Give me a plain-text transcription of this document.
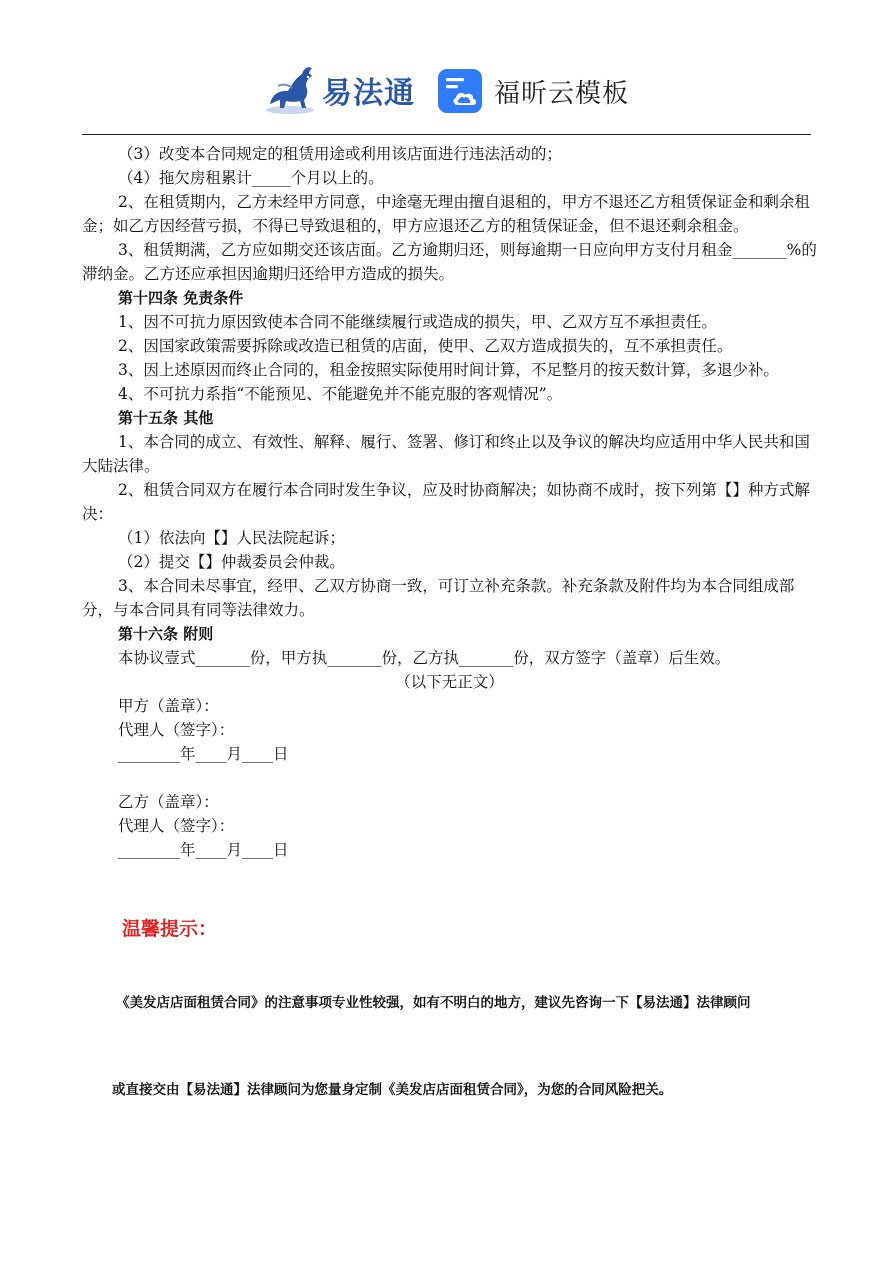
易法通	福昕云模板

（3）改变本合同规定的租赁用途或利用该店面进行违法活动的；

（4）拖欠房租累计_____个月以上的。

2、在租赁期内，乙方未经甲方同意，中途毫无理由擅自退租的，甲方不退还乙方租赁保证金和剩余租金；如乙方因经营亏损，不得已导致退租的，甲方应退还乙方的租赁保证金，但不退还剩余租金。

3、租赁期满，乙方应如期交还该店面。乙方逾期归还，则每逾期一日应向甲方支付月租金_______%的滞纳金。乙方还应承担因逾期归还给甲方造成的损失。

第十四条 免责条件

1、因不可抗力原因致使本合同不能继续履行或造成的损失，甲、乙双方互不承担责任。

2、因国家政策需要拆除或改造已租赁的店面，使甲、乙双方造成损失的，互不承担责任。

3、因上述原因而终止合同的，租金按照实际使用时间计算，不足整月的按天数计算，多退少补。

4、不可抗力系指“不能预见、不能避免并不能克服的客观情况”。

第十五条 其他

1、本合同的成立、有效性、解释、履行、签署、修订和终止以及争议的解决均应适用中华人民共和国大陆法律。

2、租赁合同双方在履行本合同时发生争议，应及时协商解决；如协商不成时，按下列第【】种方式解决：

（1）依法向【】人民法院起诉；

（2）提交【】仲裁委员会仲裁。

3、本合同未尽事宜，经甲、乙双方协商一致，可订立补充条款。补充条款及附件均为本合同组成部分，与本合同具有同等法律效力。

第十六条 附则

本协议壹式_______份，甲方执_______份，乙方执_______份，双方签字（盖章）后生效。

（以下无正文）

甲方（盖章）：

代理人（签字）：

________年____月____日

乙方（盖章）：

代理人（签字）：

________年____月____日

温馨提示：

《美发店店面租赁合同》的注意事项专业性较强，如有不明白的地方，建议先咨询一下【易法通】法律顾问

或直接交由【易法通】法律顾问为您量身定制《美发店店面租赁合同》，为您的合同风险把关。
